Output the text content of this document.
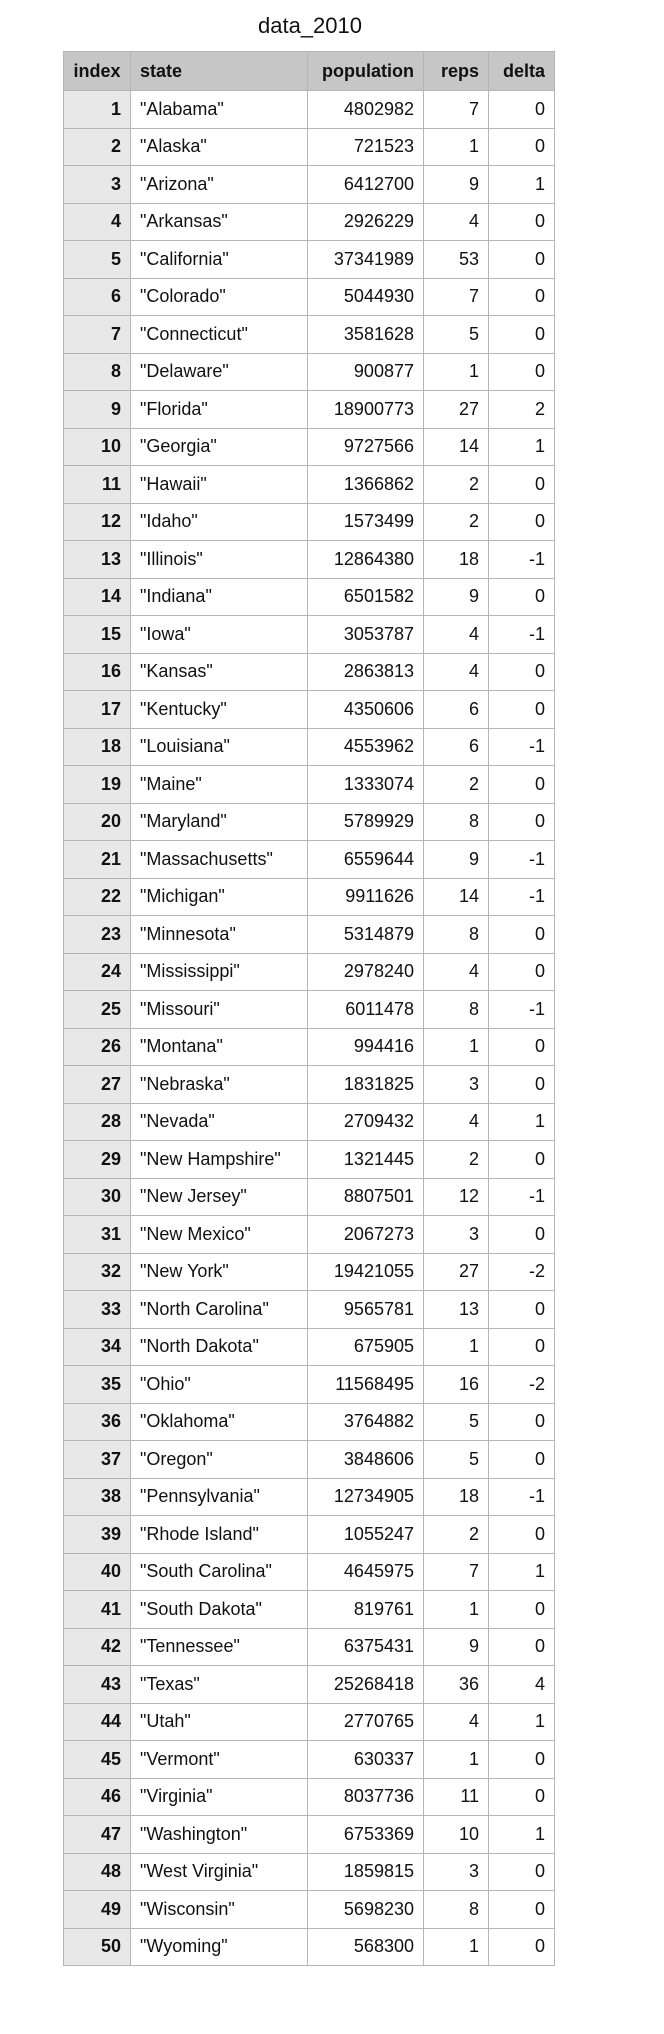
data_2010
index	state	population	reps	delta
1	"Alabama"	4802982	7	0
2	"Alaska"	721523	1	0
3	"Arizona"	6412700	9	1
4	"Arkansas"	2926229	4	0
5	"California"	37341989	53	0
6	"Colorado"	5044930	7	0
7	"Connecticut"	3581628	5	0
8	"Delaware"	900877	1	0
9	"Florida"	18900773	27	2
10	"Georgia"	9727566	14	1
11	"Hawaii"	1366862	2	0
12	"Idaho"	1573499	2	0
13	"Illinois"	12864380	18	-1
14	"Indiana"	6501582	9	0
15	"Iowa"	3053787	4	-1
16	"Kansas"	2863813	4	0
17	"Kentucky"	4350606	6	0
18	"Louisiana"	4553962	6	-1
19	"Maine"	1333074	2	0
20	"Maryland"	5789929	8	0
21	"Massachusetts"	6559644	9	-1
22	"Michigan"	9911626	14	-1
23	"Minnesota"	5314879	8	0
24	"Mississippi"	2978240	4	0
25	"Missouri"	6011478	8	-1
26	"Montana"	994416	1	0
27	"Nebraska"	1831825	3	0
28	"Nevada"	2709432	4	1
29	"New Hampshire"	1321445	2	0
30	"New Jersey"	8807501	12	-1
31	"New Mexico"	2067273	3	0
32	"New York"	19421055	27	-2
33	"North Carolina"	9565781	13	0
34	"North Dakota"	675905	1	0
35	"Ohio"	11568495	16	-2
36	"Oklahoma"	3764882	5	0
37	"Oregon"	3848606	5	0
38	"Pennsylvania"	12734905	18	-1
39	"Rhode Island"	1055247	2	0
40	"South Carolina"	4645975	7	1
41	"South Dakota"	819761	1	0
42	"Tennessee"	6375431	9	0
43	"Texas"	25268418	36	4
44	"Utah"	2770765	4	1
45	"Vermont"	630337	1	0
46	"Virginia"	8037736	11	0
47	"Washington"	6753369	10	1
48	"West Virginia"	1859815	3	0
49	"Wisconsin"	5698230	8	0
50	"Wyoming"	568300	1	0
